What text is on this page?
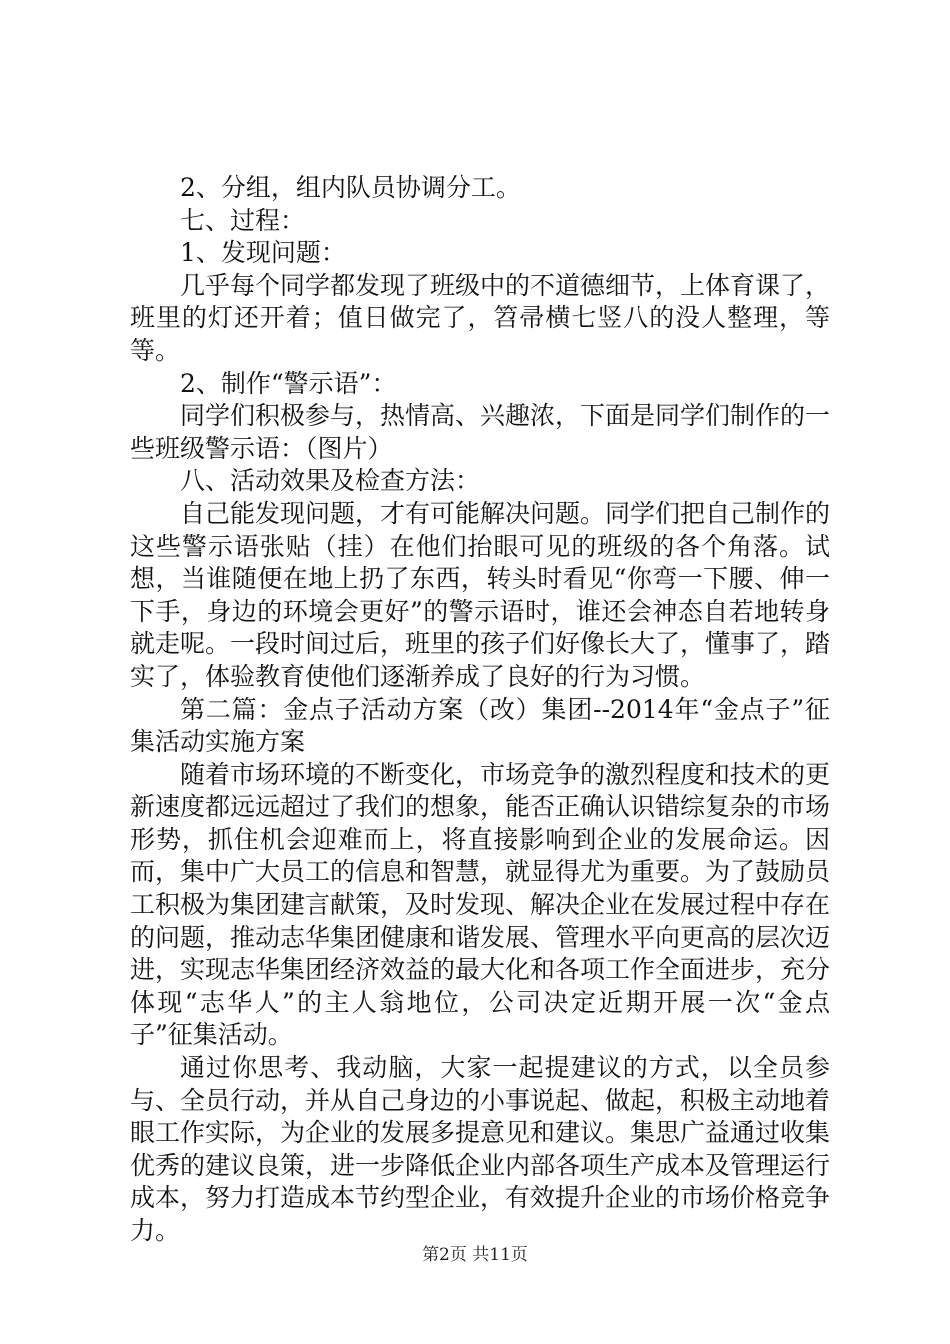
2、分组，组内队员协调分工。

七、过程：

1、发现问题：

几乎每个同学都发现了班级中的不道德细节，上体育课了，班里的灯还开着；值日做完了，笤帚横七竖八的没人整理，等等。

2、制作“警示语”：

同学们积极参与，热情高、兴趣浓，下面是同学们制作的一些班级警示语：（图片）

八、活动效果及检查方法：

自己能发现问题，才有可能解决问题。同学们把自己制作的这些警示语张贴（挂）在他们抬眼可见的班级的各个角落。试想，当谁随便在地上扔了东西，转头时看见“你弯一下腰、伸一下手，身边的环境会更好”的警示语时，谁还会神态自若地转身就走呢。一段时间过后，班里的孩子们好像长大了，懂事了，踏实了，体验教育使他们逐渐养成了良好的行为习惯。

第二篇：金点子活动方案（改）集团--2014年“金点子”征集活动实施方案

随着市场环境的不断变化，市场竞争的激烈程度和技术的更新速度都远远超过了我们的想象，能否正确认识错综复杂的市场形势，抓住机会迎难而上，将直接影响到企业的发展命运。因而，集中广大员工的信息和智慧，就显得尤为重要。为了鼓励员工积极为集团建言献策，及时发现、解决企业在发展过程中存在的问题，推动志华集团健康和谐发展、管理水平向更高的层次迈进，实现志华集团经济效益的最大化和各项工作全面进步，充分体现“志华人”的主人翁地位，公司决定近期开展一次“金点子”征集活动。

通过你思考、我动脑，大家一起提建议的方式，以全员参与、全员行动，并从自己身边的小事说起、做起，积极主动地着眼工作实际，为企业的发展多提意见和建议。集思广益通过收集优秀的建议良策，进一步降低企业内部各项生产成本及管理运行成本，努力打造成本节约型企业，有效提升企业的市场价格竞争力。

第2页 共11页
